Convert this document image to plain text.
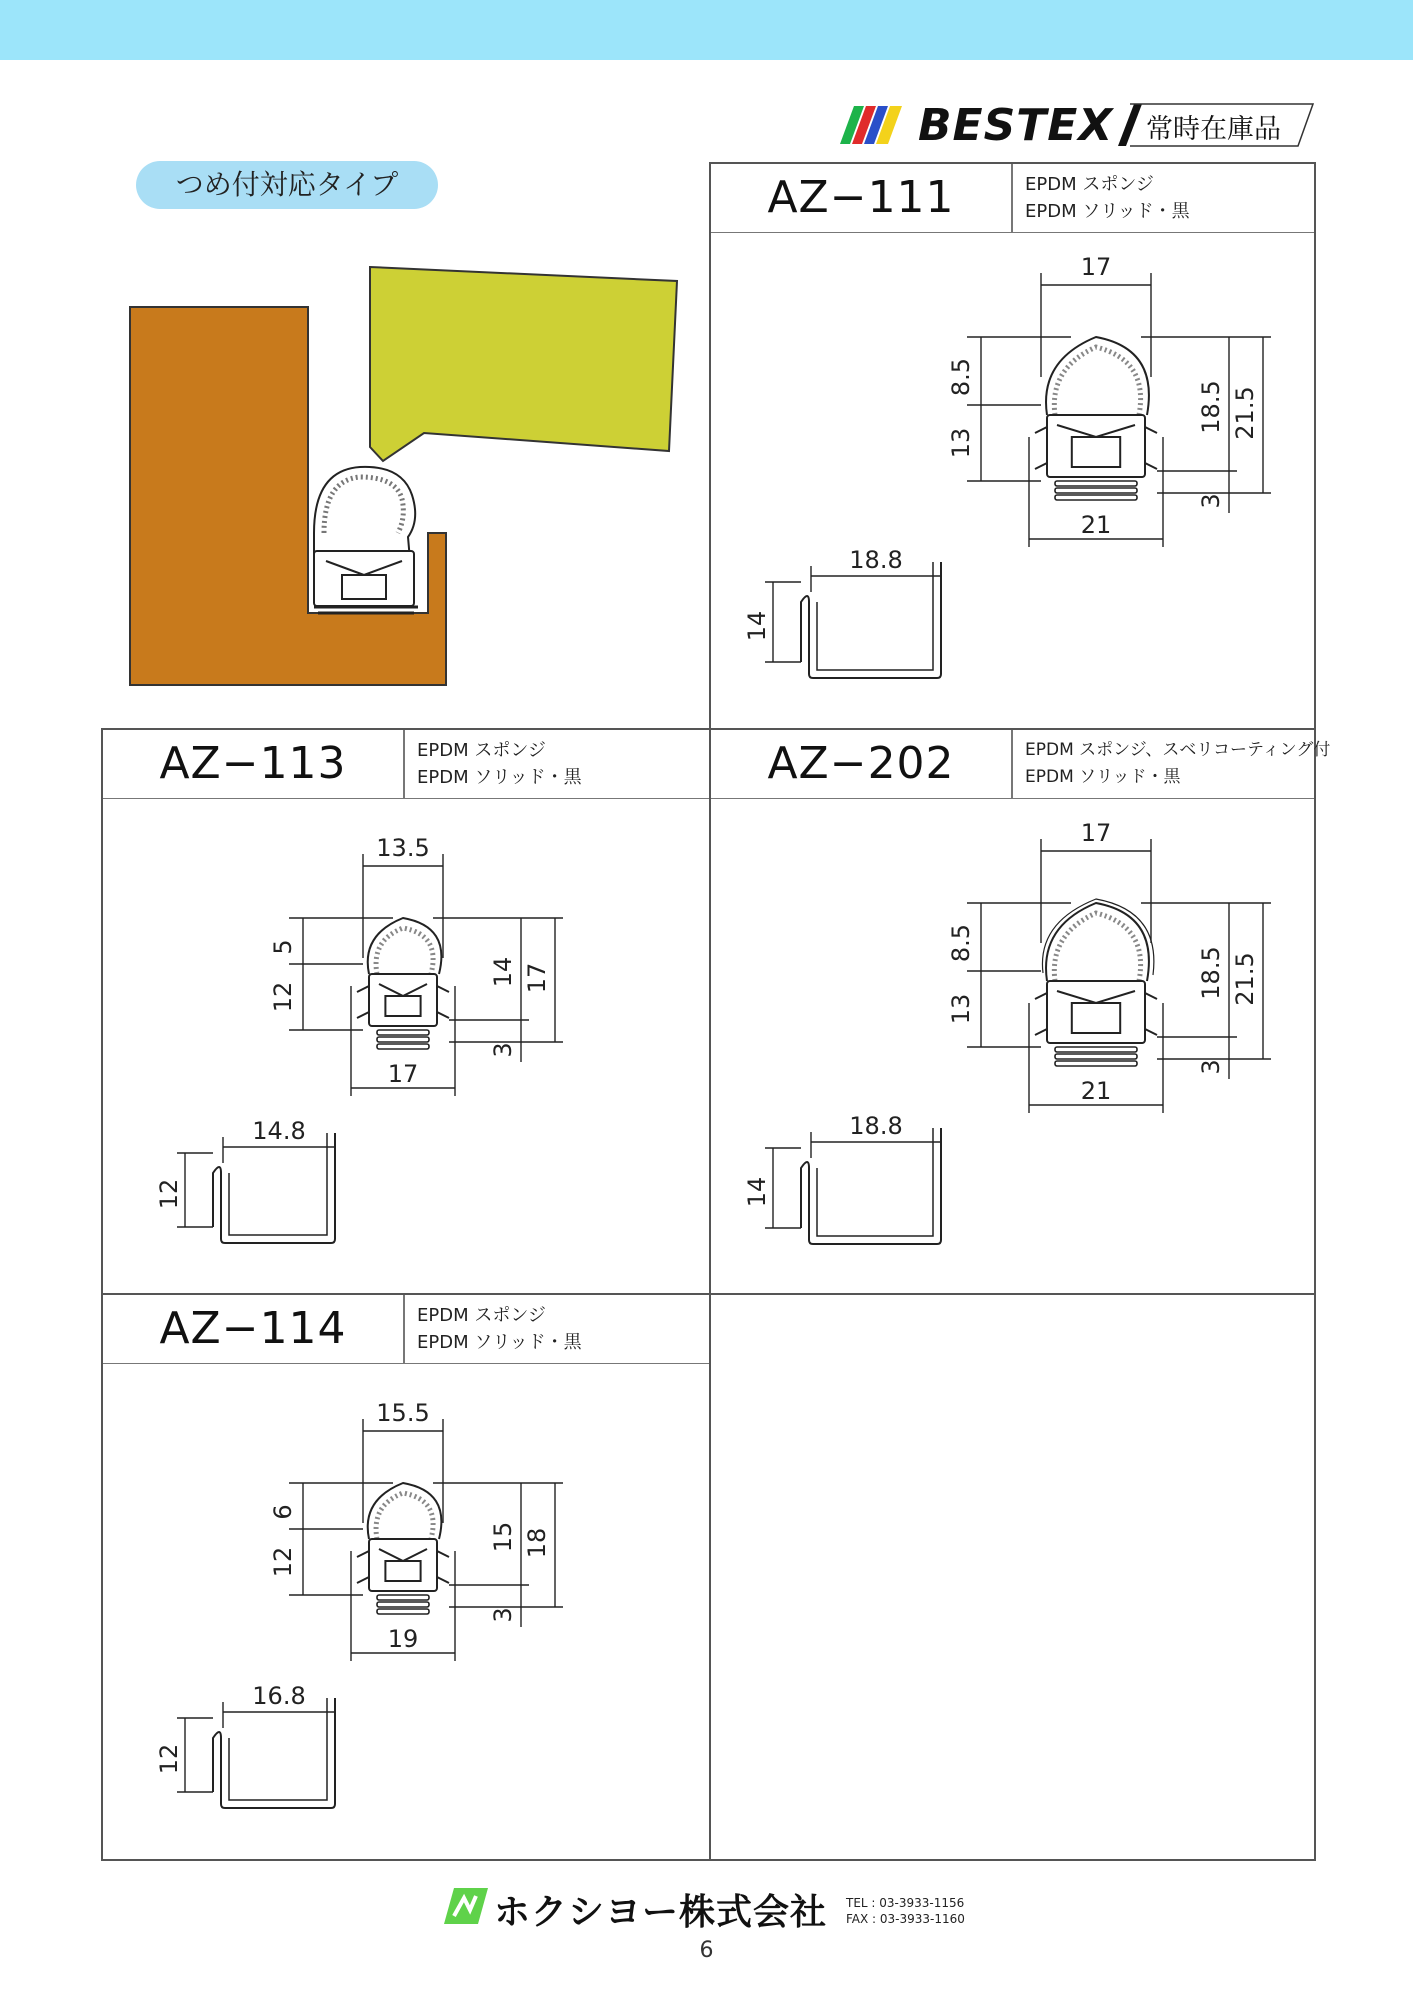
BESTEX 常時在庫品
つめ付対応タイプ	AZ−111	EPDM スポンジ
EPDM ソリッド・黒
17
8.5
13
18.5 21.5
3
21
18.8
14
AZ−113	EPDM スポンジ
EPDM ソリッド・黒
13.5
5
12
14 17
3
17
14.8
12
AZ−202	EPDM スポンジ、スベリコーティング付
EPDM ソリッド・黒
17
8.5
13
18.5 21.5
3
21
18.8
14
AZ−114	EPDM スポンジ
EPDM ソリッド・黒
15.5
6
12
15 18
3
19
16.8
12
ホクシヨー株式会社 TEL : 03-3933-1156
FAX : 03-3933-1160
6
